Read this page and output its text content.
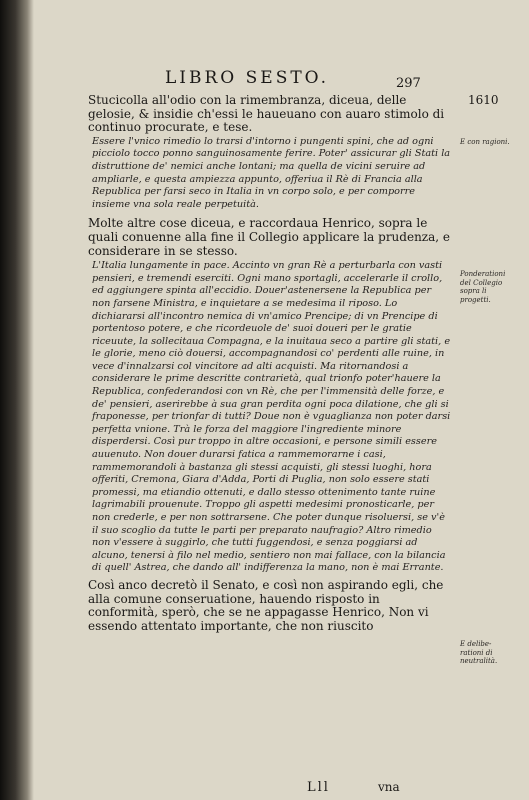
LIBRO SESTO.	297
1610

Stucicolla all'odio con la rimembranza, diceua, delle gelosie, & insidie ch'essi le haueuano con auaro stimolo di continuo procurate, e tese.

Essere l'vnico rimedio lo trarsi d'intorno i pungenti spini, che ad ogni picciolo tocco ponno sanguinosamente ferire. Poter' assicurar gli Stati la distruttione de' nemici anche lontani; ma quella de vicini seruire ad ampliarle, e questa ampiezza appunto, offeriua il Rè di Francia alla Republica per farsi seco in Italia in vn corpo solo, e per comporre insieme vna sola reale perpetuità.

Molte altre cose diceua, e raccordaua Henrico, sopra le quali conuenne alla fine il Collegio applicare la prudenza, e considerare in se stesso.

L'Italia lungamente in pace. Accinto vn gran Rè a perturbarla con vasti pensieri, e tremendi eserciti. Ogni mano sportagli, accelerarle il crollo, ed aggiungere spinta all'eccidio. Douer'astenersene la Republica per non farsene Ministra, e inquietare a se medesima il riposo. Lo dichiararsi all'incontro nemica di vn'amico Prencipe; di vn Prencipe di portentoso potere, e che ricordeuole de' suoi doueri per le gratie riceuute, la sollecitaua Compagna, e la inuitaua seco a partire gli stati, e le glorie, meno ciò douersi, accompagnandosi co' perdenti alle ruine, in vece d'innalzarsi col vincitore ad alti acquisti. Ma ritornandosi a considerare le prime descritte contrarietà, qual trionfo poter'hauere la Republica, confederandosi con vn Rè, che per l'immensità delle forze, e de' pensieri, aserirebbe à sua gran perdita ogni poca dilatione, che gli si fraponesse, per trionfar di tutti? Doue non è vguaglianza non poter darsi perfetta vnione. Trà le forza del maggiore l'ingrediente minore disperdersi. Così pur troppo in altre occasioni, e persone simili essere auuenuto. Non douer durarsi fatica a rammemorarne i casi, rammemorandoli à bastanza gli stessi acquisti, gli stessi luoghi, hora offeriti, Cremona, Giara d'Adda, Porti di Puglia, non solo essere stati promessi, ma etiandio ottenuti, e dallo stesso ottenimento tante ruine lagrimabili prouenute. Troppo gli aspetti medesimi pronosticarle, per non crederle, e per non sottrarsene. Che poter dunque risoluersi, se v'è il suo scoglio da tutte le parti per preparato naufragio? Altro rimedio non v'essere à suggirlo, che tutti fuggendosi, e senza poggiarsi ad alcuno, tenersi à filo nel medio, sentiero non mai fallace, con la bilancia di quell' Astrea, che dando all' indifferenza la mano, non è mai Errante.

Così anco decretò il Senato, e così non aspirando egli, che alla comune conseruatione, hauendo risposto in conformità, sperò, che se ne appagasse Henrico, Non vi essendo attentato importante, che non riuscito

E con ragioni.
Ponderationi del Collegio sopra li progetti.
E delibe-rationi di neutralità.
Lll	vna
